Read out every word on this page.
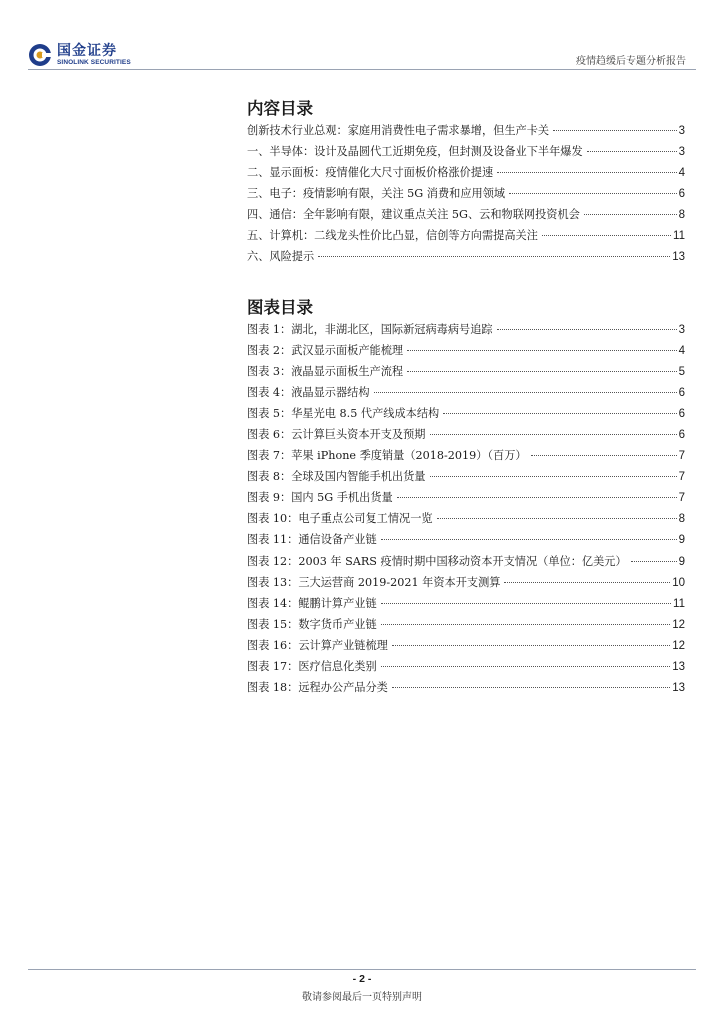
国金证券
SINOLINK SECURITIES	疫情趋缓后专题分析报告
内容目录
创新技术行业总观：家庭用消费性电子需求暴增，但生产卡关	3
一、半导体：设计及晶圆代工近期免疫，但封测及设备业下半年爆发	3
二、显示面板：疫情催化大尺寸面板价格涨价提速	4
三、电子：疫情影响有限，关注 5G 消费和应用领域	6
四、通信：全年影响有限，建议重点关注 5G、云和物联网投资机会	8
五、计算机：二线龙头性价比凸显，信创等方向需提高关注	11
六、风险提示	13
图表目录
图表 1：湖北，非湖北区，国际新冠病毒病号追踪	3
图表 2：武汉显示面板产能梳理	4
图表 3：液晶显示面板生产流程	5
图表 4：液晶显示器结构	6
图表 5：华星光电 8.5 代产线成本结构	6
图表 6：云计算巨头资本开支及预期	6
图表 7：苹果 iPhone 季度销量（2018-2019）（百万）	7
图表 8：全球及国内智能手机出货量	7
图表 9：国内 5G 手机出货量	7
图表 10：电子重点公司复工情况一览	8
图表 11：通信设备产业链	9
图表 12：2003 年 SARS 疫情时期中国移动资本开支情况（单位：亿美元）	9
图表 13：三大运营商 2019-2021 年资本开支测算	10
图表 14：鲲鹏计算产业链	11
图表 15：数字货币产业链	12
图表 16：云计算产业链梳理	12
图表 17：医疗信息化类别	13
图表 18：远程办公产品分类	13
- 2 -
敬请参阅最后一页特别声明
